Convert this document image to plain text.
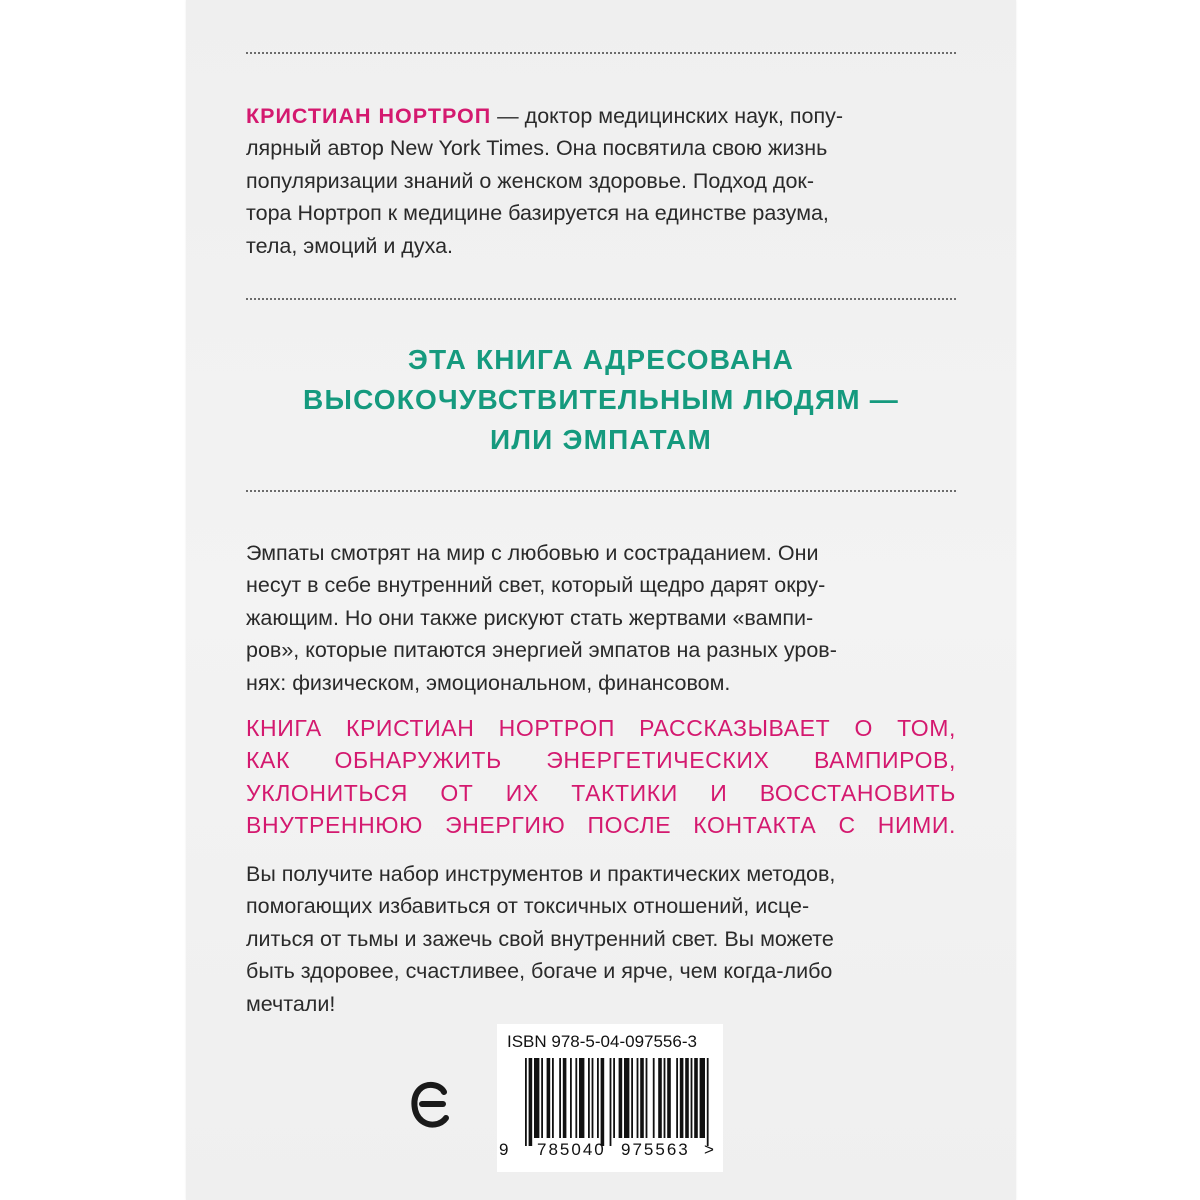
КРИСТИАН НОРТРОП — доктор медицинских наук, попу-
лярный автор New York Times. Она посвятила свою жизнь
популяризации знаний о женском здоровье. Подход док-
тора Нортроп к медицине базируется на единстве разума,
тела, эмоций и духа.

ЭТА КНИГА АДРЕСОВАНА
ВЫСОКОЧУВСТВИТЕЛЬНЫМ ЛЮДЯМ —
ИЛИ ЭМПАТАМ

Эмпаты смотрят на мир с любовью и состраданием. Они
несут в себе внутренний свет, который щедро дарят окру-
жающим. Но они также рискуют стать жертвами «вампи-
ров», которые питаются энергией эмпатов на разных уров-
нях: физическом, эмоциональном, финансовом.

КНИГА КРИСТИАН НОРТРОП РАССКАЗЫВАЕТ О ТОМ,
КАК ОБНАРУЖИТЬ ЭНЕРГЕТИЧЕСКИХ ВАМПИРОВ,
УКЛОНИТЬСЯ ОТ ИХ ТАКТИКИ И ВОССТАНОВИТЬ
ВНУТРЕННЮЮ ЭНЕРГИЮ ПОСЛЕ КОНТАКТА С НИМИ.

Вы получите набор инструментов и практических методов,
помогающих избавиться от токсичных отношений, исце-
литься от тьмы и зажечь свой внутренний свет. Вы можете
быть здоровее, счастливее, богаче и ярче, чем когда-либо
мечтали!

ISBN 978-5-04-097556-3
9 785040 975563 >
